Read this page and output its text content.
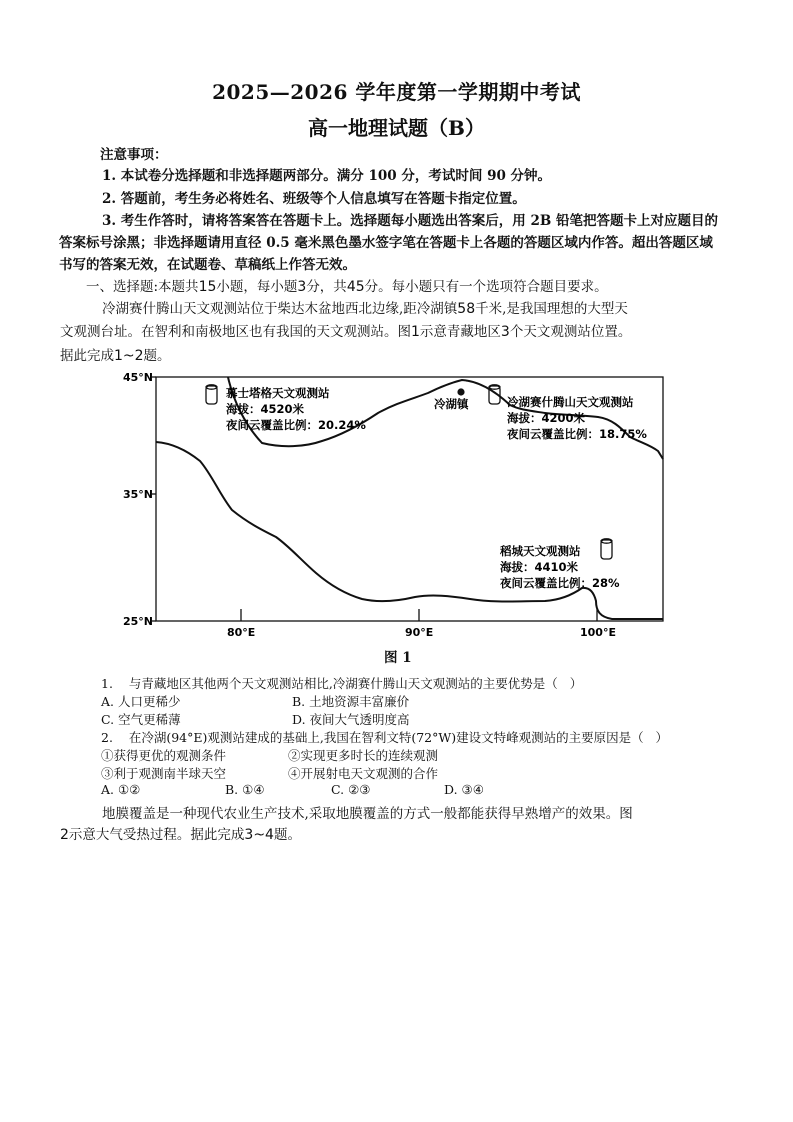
2025—2026 学年度第一学期期中考试
高一地理试题（B）
注意事项：
1. 本试卷分选择题和非选择题两部分。满分 100 分，考试时间 90 分钟。
2. 答题前，考生务必将姓名、班级等个人信息填写在答题卡指定位置。
3. 考生作答时，请将答案答在答题卡上。选择题每小题选出答案后，用 2B 铅笔把答题卡上对应题目的
答案标号涂黑；非选择题请用直径 0.5 毫米黑色墨水签字笔在答题卡上各题的答题区域内作答。超出答题区域
书写的答案无效，在试题卷、草稿纸上作答无效。
一、选择题:本题共15小题，每小题3分，共45分。每小题只有一个选项符合题目要求。
冷湖赛什腾山天文观测站位于柴达木盆地西北边缘,距冷湖镇58千米,是我国理想的大型天
文观测台址。在智利和南极地区也有我国的天文观测站。图1示意青藏地区3个天文观测站位置。
据此完成1~2题。
45°N
35°N
25°N
80°E	90°E	100°E
慕士塔格天文观测站
海拔：4520米
夜间云覆盖比例：20.24%
冷湖镇	冷湖赛什腾山天文观测站
海拔：4200米
夜间云覆盖比例：18.75%
稻城天文观测站
海拔：4410米
夜间云覆盖比例：28%
图 1
1.    与青藏地区其他两个天文观测站相比,冷湖赛什腾山天文观测站的主要优势是（   ）
A. 人口更稀少	B. 土地资源丰富廉价
C. 空气更稀薄	D. 夜间大气透明度高
2.    在冷湖(94°E)观测站建成的基础上,我国在智利文特(72°W)建设文特峰观测站的主要原因是（   ）
①获得更优的观测条件	②实现更多时长的连续观测
③利于观测南半球天空	④开展射电天文观测的合作
A. ①②	B. ①④	C. ②③	D. ③④
地膜覆盖是一种现代农业生产技术,采取地膜覆盖的方式一般都能获得早熟增产的效果。图
2示意大气受热过程。据此完成3~4题。
